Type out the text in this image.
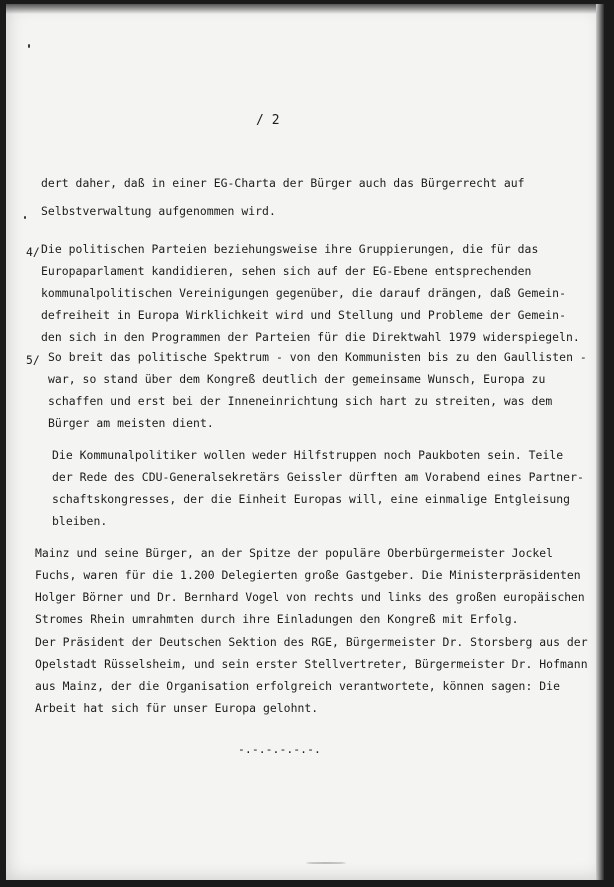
/ 2
dert daher, daß in einer EG-Charta der Bürger auch das Bürgerrecht auf
Selbstverwaltung aufgenommen wird.
4/ Die politischen Parteien beziehungsweise ihre Gruppierungen, die für das
Europaparlament kandidieren, sehen sich auf der EG-Ebene entsprechenden
kommunalpolitischen Vereinigungen gegenüber, die darauf drängen, daß Gemein-
defreiheit in Europa Wirklichkeit wird und Stellung und Probleme der Gemein-
den sich in den Programmen der Parteien für die Direktwahl 1979 widerspiegeln.
5/ So breit das politische Spektrum - von den Kommunisten bis zu den Gaullisten -
war, so stand über dem Kongreß deutlich der gemeinsame Wunsch, Europa zu
schaffen und erst bei der Inneneinrichtung sich hart zu streiten, was dem
Bürger am meisten dient.
Die Kommunalpolitiker wollen weder Hilfstruppen noch Paukboten sein. Teile
der Rede des CDU-Generalsekretärs Geissler dürften am Vorabend eines Partner-
schaftskongresses, der die Einheit Europas will, eine einmalige Entgleisung
bleiben.
Mainz und seine Bürger, an der Spitze der populäre Oberbürgermeister Jockel
Fuchs, waren für die 1.200 Delegierten große Gastgeber. Die Ministerpräsidenten
Holger Börner und Dr. Bernhard Vogel von rechts und links des großen europäischen
Stromes Rhein umrahmten durch ihre Einladungen den Kongreß mit Erfolg.
Der Präsident der Deutschen Sektion des RGE, Bürgermeister Dr. Storsberg aus der
Opelstadt Rüsselsheim, und sein erster Stellvertreter, Bürgermeister Dr. Hofmann
aus Mainz, der die Organisation erfolgreich verantwortete, können sagen: Die
Arbeit hat sich für unser Europa gelohnt.
-.-.-.-.-.-.
